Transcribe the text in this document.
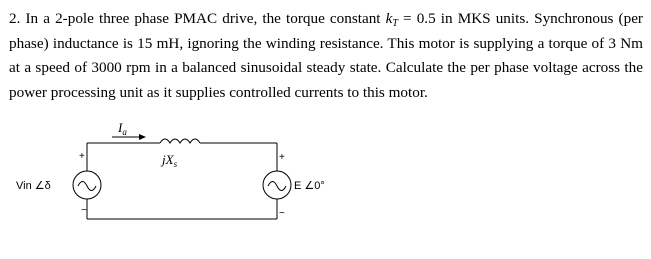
2. In a 2-pole three phase PMAC drive, the torque constant $k_T = 0.5$ in MKS units. Synchronous (per phase) inductance is 15 mH, ignoring the winding resistance. This motor is supplying a torque of 3 Nm at a speed of 3000 rpm in a balanced sinusoidal steady state. Calculate the per phase voltage across the power processing unit as it supplies controlled currents to this motor.

$I_a$
$jX_s$
+
−
Vin ∠δ
+
−
E ∠0°
